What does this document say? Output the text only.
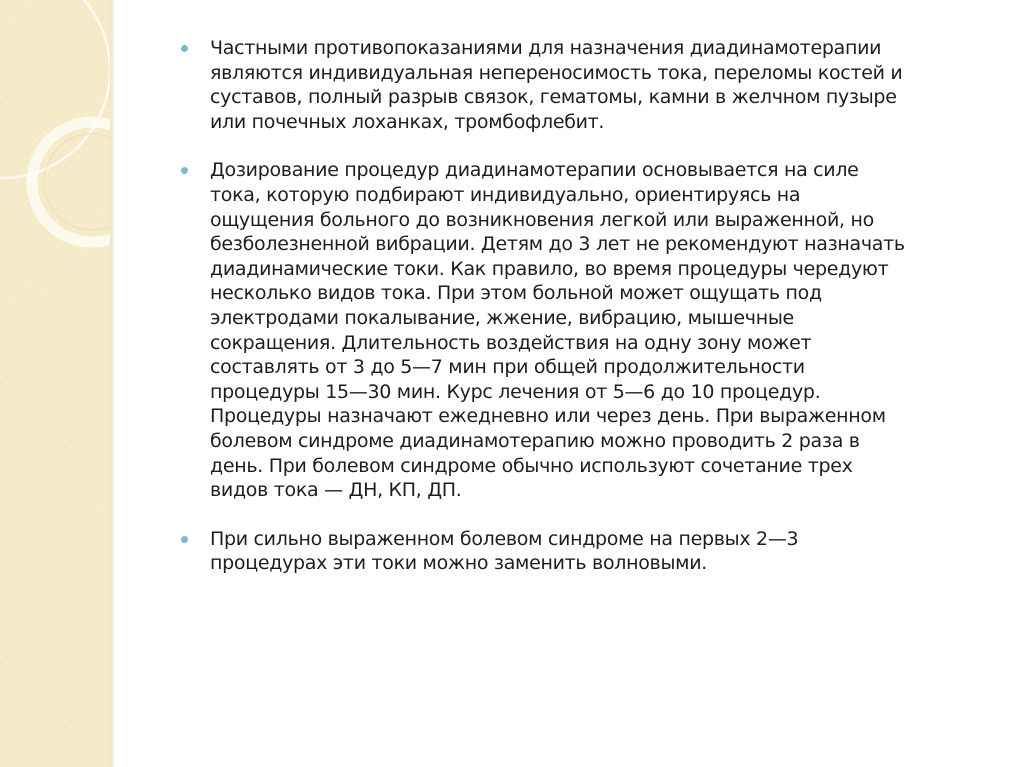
Частными противопоказаниями для назначения диадинамотерапии
являются индивидуальная непереносимость тока, переломы костей и
суставов, полный разрыв связок, гематомы, камни в желчном пузыре
или почечных лоханках, тромбофлебит.

Дозирование процедур диадинамотерапии основывается на силе
тока, которую подбирают индивидуально, ориентируясь на
ощущения больного до возникновения легкой или выраженной, но
безболезненной вибрации. Детям до 3 лет не рекомендуют назначать
диадинамические токи. Как правило, во время процедуры чередуют
несколько видов тока. При этом больной может ощущать под
электродами покалывание, жжение, вибрацию, мышечные
сокращения. Длительность воздействия на одну зону может
составлять от 3 до 5—7 мин при общей продолжительности
процедуры 15—30 мин. Курс лечения от 5—6 до 10 процедур.
Процедуры назначают ежедневно или через день. При выраженном
болевом синдроме диадинамотерапию можно проводить 2 раза в
день. При болевом синдроме обычно используют сочетание трех
видов тока — ДН, КП, ДП.

При сильно выраженном болевом синдроме на первых 2—3
процедурах эти токи можно заменить волновыми.
